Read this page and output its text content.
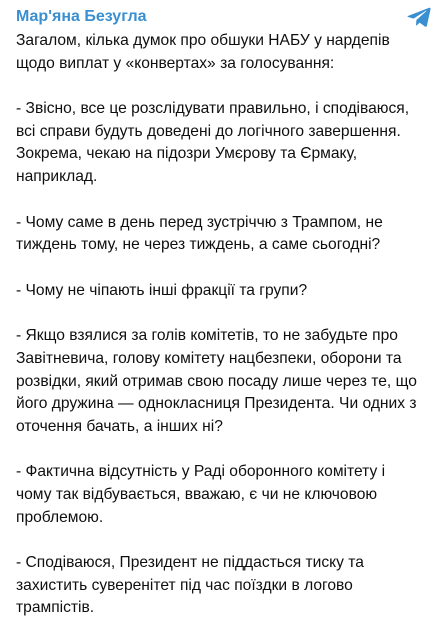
Мар'яна Безугла

Загалом, кілька думок про обшуки НАБУ у нардепів
щодо виплат у «конвертах» за голосування:

- Звісно, все це розслідувати правильно, і сподіваюся,
всі справи будуть доведені до логічного завершення.
Зокрема, чекаю на підозри Умєрову та Єрмаку,
наприклад.

- Чому саме в день перед зустріччю з Трампом, не
тиждень тому, не через тиждень, а саме сьогодні?

- Чому не чіпають інші фракції та групи?

- Якщо взялися за голів комітетів, то не забудьте про
Завітневича, голову комітету нацбезпеки, оборони та
розвідки, який отримав свою посаду лише через те, що
його дружина — однокласниця Президента. Чи одних з
оточення бачать, а інших ні?

- Фактична відсутність у Раді оборонного комітету і
чому так відбувається, вважаю, є чи не ключовою
проблемою.

- Сподіваюся, Президент не піддасться тиску та
захистить суверенітет під час поїздки в логово
трампістів.
